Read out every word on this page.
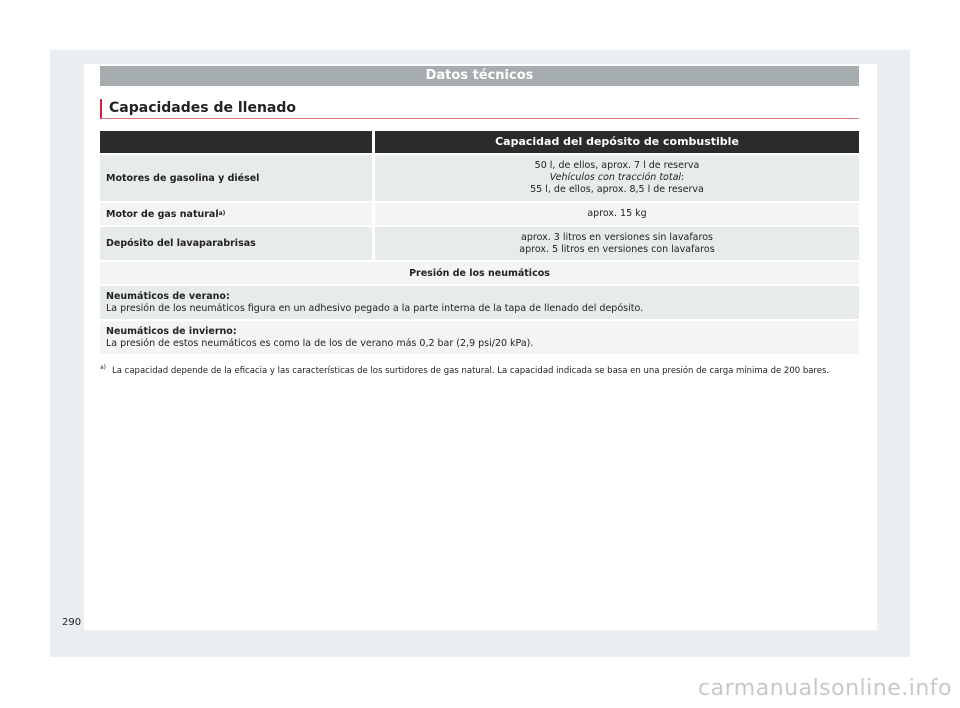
Datos técnicos
Capacidades de llenado
Capacidad del depósito de combustible
Motores de gasolina y diésel
50 l, de ellos, aprox. 7 l de reserva
Vehículos con tracción total:
55 l, de ellos, aprox. 8,5 l de reserva
Motor de gas natural a)	aprox. 15 kg
Depósito del lavaparabrisas
aprox. 3 litros en versiones sin lavafaros
aprox. 5 litros en versiones con lavafaros
Presión de los neumáticos
Neumáticos de verano:
La presión de los neumáticos figura en un adhesivo pegado a la parte interna de la tapa de llenado del depósito.
Neumáticos de invierno:
La presión de estos neumáticos es como la de los de verano más 0,2 bar (2,9 psi/20 kPa).
$^{a)}$ La capacidad depende de la eficacia y las características de los surtidores de gas natural. La capacidad indicada se basa en una presión de carga mínima de 200 bares.
290
carmanualsonline.info
